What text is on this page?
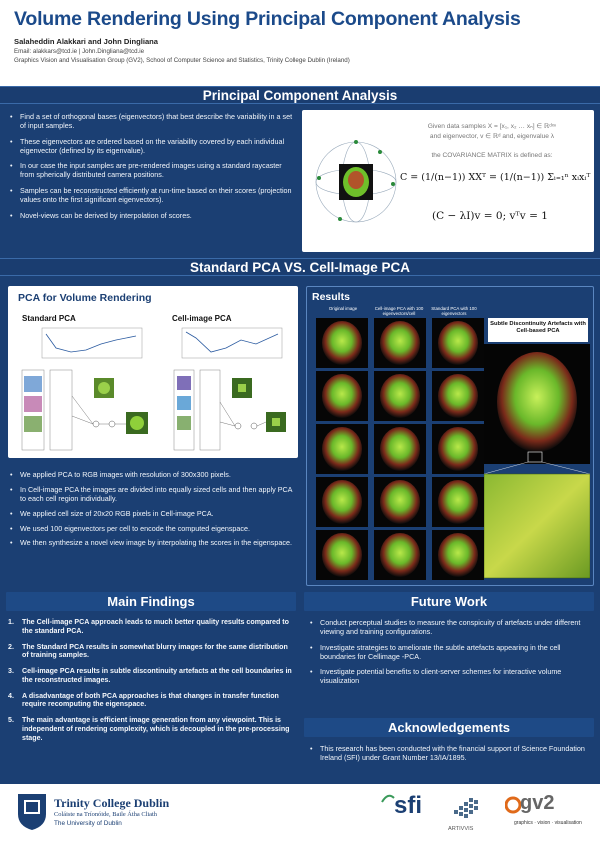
Volume Rendering Using Principal Component Analysis
Salaheddin Alakkari and John Dingliana
Email: alakkars@tcd.ie | John.Dingliana@tcd.ie
Graphics Vision and Visualisation Group (GV2), School of Computer Science and Statistics, Trinity College Dublin (Ireland)
Principal Component Analysis
• Find a set of orthogonal bases (eigenvectors) that best describe the variability in a set of input samples.
• These eigenvectors are ordered based on the variability covered by each individual eigenvector (defined by its eigenvalue).
• In our case the input samples are pre-rendered images using a standard raycaster from spherically distributed camera positions.
• Samples can be reconstructed efficiently at run-time based on their scores (projection values onto the first significant eigenvectors).
• Novel-views can be derived by interpolation of scores.
Given data samples X = [x₁, x₂ … xₙ] ∈ ℝᵈˣⁿ
and eigenvector, v ∈ ℝᵈ and, eigenvalue λ
the COVARIANCE MATRIX is defined as:
C = (1/(n−1)) XXᵀ = (1/(n−1)) Σᵢ₌₁ⁿ xᵢxᵢᵀ
(C − λI)v = 0; vᵀv = 1
Standard PCA VS. Cell-Image PCA
PCA for Volume Rendering
Standard PCA	Cell-image PCA
Results
Original image	Cell-image PCA with 100 eigenvectors/cell
Standard PCA with 100 eigenvectors
Subtle Discontinuity Artefacts with Cell-based PCA
• We applied PCA to RGB images with resolution of 300x300 pixels.
• In Cell-image PCA the images are divided into equally sized cells and then apply PCA to each cell region individually.
• We applied cell size of 20x20 RGB pixels in Cell-image PCA.
• We used 100 eigenvectors per cell to encode the computed eigenspace.
• We then synthesize a novel view image by interpolating the scores in the eigenspace.
Main Findings
1. The Cell-image PCA approach leads to much better quality results compared to the standard PCA.
2. The Standard PCA results in somewhat blurry images for the same distribution of training samples.
3. Cell-image PCA results in subtle discontinuity artefacts at the cell boundaries in the reconstructed images.
4. A disadvantage of both PCA approaches is that changes in transfer function require recomputing the eigenspace.
5. The main advantage is efficient image generation from any viewpoint. This is independent of rendering complexity, which is decoupled in the pre-processing stage.
Future Work
• Conduct perceptual studies to measure the conspicuity of artefacts under different viewing and training configurations.
• Investigate strategies to ameliorate the subtle artefacts appearing in the cell boundaries for Cellimage -PCA.
• Investigate potential benefits to client-server schemes for interactive volume visualization
Acknowledgements
• This research has been conducted with the financial support of Science Foundation Ireland (SFI) under Grant Number 13/IA/1895.
Trinity College Dublin
Coláiste na Tríonóide, Baile Átha Cliath
The University of Dublin
sfi
ARTIVVIS
gv2
graphics · vision · visualisation
